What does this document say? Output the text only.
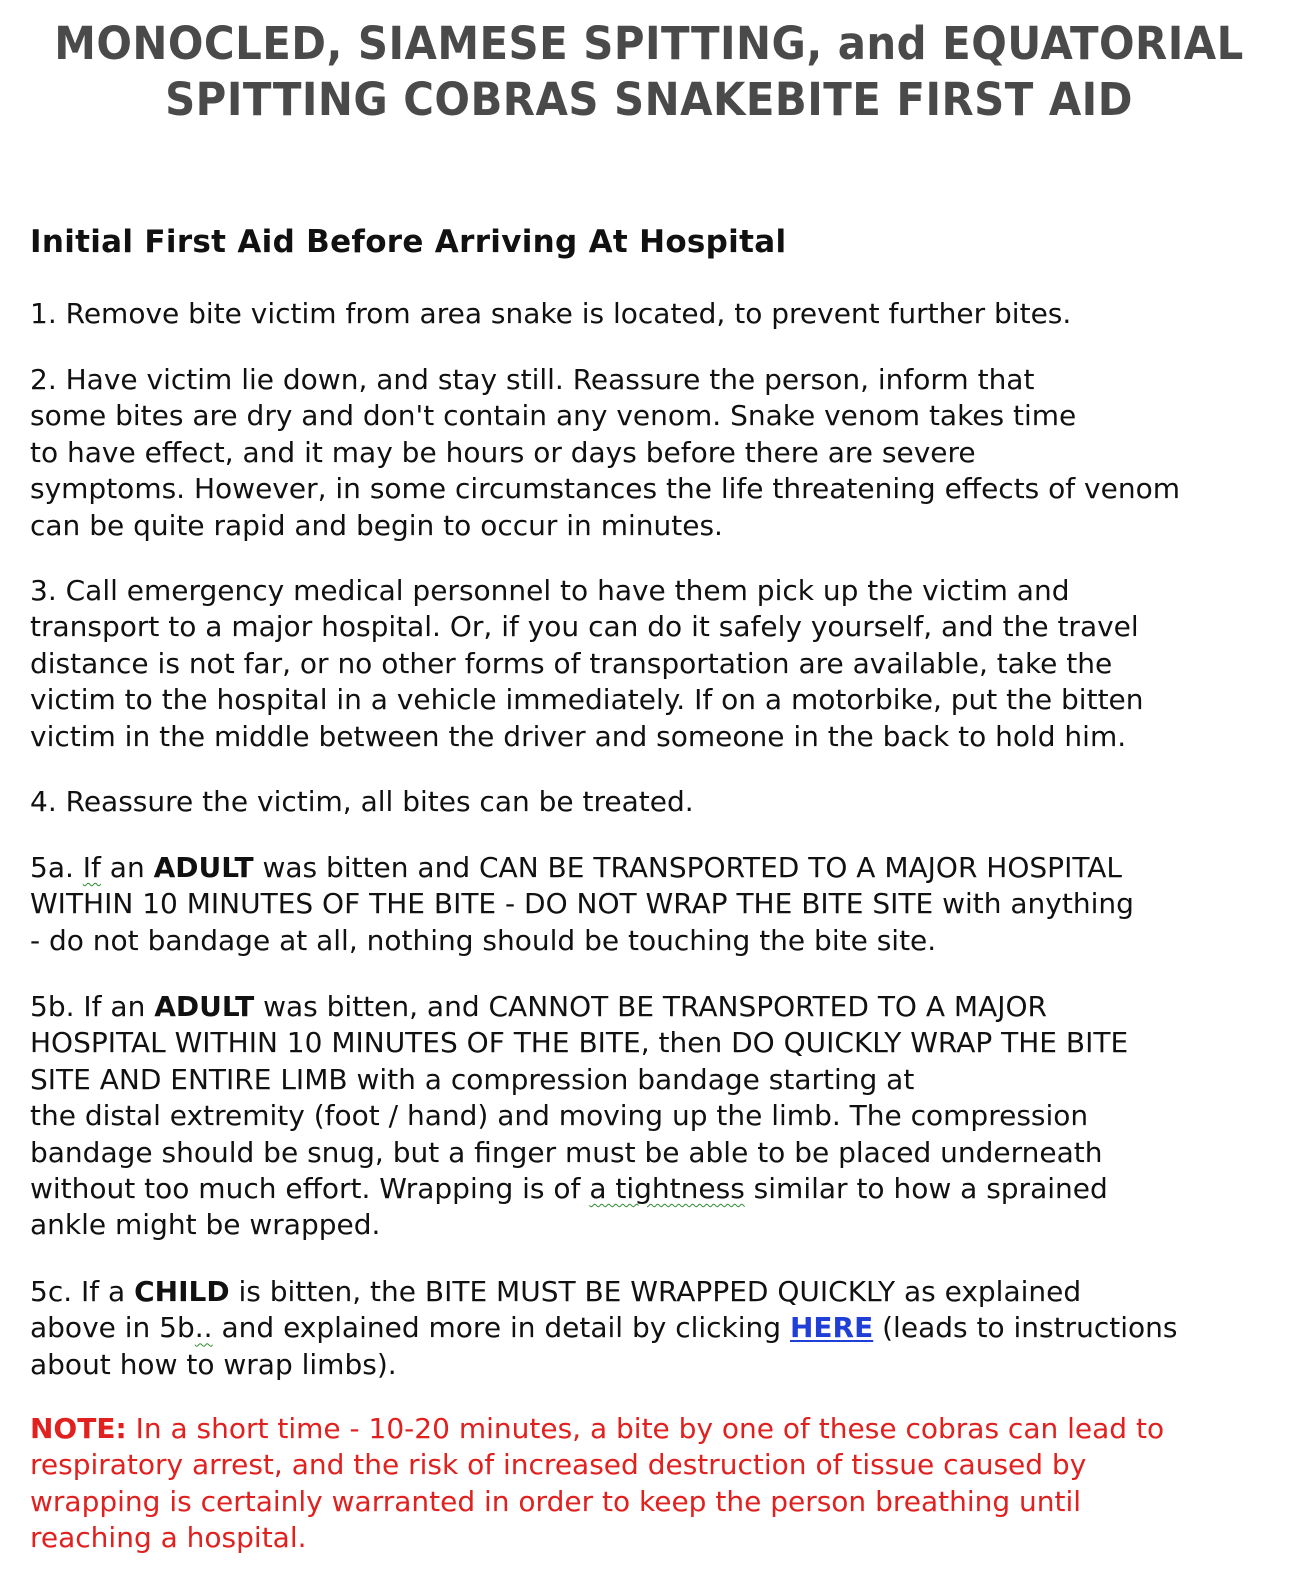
MONOCLED, SIAMESE SPITTING, and EQUATORIAL
SPITTING COBRAS SNAKEBITE FIRST AID
Initial First Aid Before Arriving At Hospital
1. Remove bite victim from area snake is located, to prevent further bites.
2. Have victim lie down, and stay still. Reassure the person, inform that
some bites are dry and don't contain any venom. Snake venom takes time
to have effect, and it may be hours or days before there are severe
symptoms. However, in some circumstances the life threatening effects of venom
can be quite rapid and begin to occur in minutes.
3. Call emergency medical personnel to have them pick up the victim and
transport to a major hospital. Or, if you can do it safely yourself, and the travel
distance is not far, or no other forms of transportation are available, take the
victim to the hospital in a vehicle immediately. If on a motorbike, put the bitten
victim in the middle between the driver and someone in the back to hold him.
4. Reassure the victim, all bites can be treated.
5a. If an ADULT was bitten and CAN BE TRANSPORTED TO A MAJOR HOSPITAL
WITHIN 10 MINUTES OF THE BITE - DO NOT WRAP THE BITE SITE with anything
- do not bandage at all, nothing should be touching the bite site.
5b. If an ADULT was bitten, and CANNOT BE TRANSPORTED TO A MAJOR
HOSPITAL WITHIN 10 MINUTES OF THE BITE, then DO QUICKLY WRAP THE BITE
SITE AND ENTIRE LIMB with a compression bandage starting at
the distal extremity (foot / hand) and moving up the limb. The compression
bandage should be snug, but a finger must be able to be placed underneath
without too much effort. Wrapping is of a tightness similar to how a sprained
ankle might be wrapped.
5c. If a CHILD is bitten, the BITE MUST BE WRAPPED QUICKLY as explained
above in 5b.. and explained more in detail by clicking HERE (leads to instructions
about how to wrap limbs).
NOTE: In a short time - 10-20 minutes, a bite by one of these cobras can lead to
respiratory arrest, and the risk of increased destruction of tissue caused by
wrapping is certainly warranted in order to keep the person breathing until
reaching a hospital.
